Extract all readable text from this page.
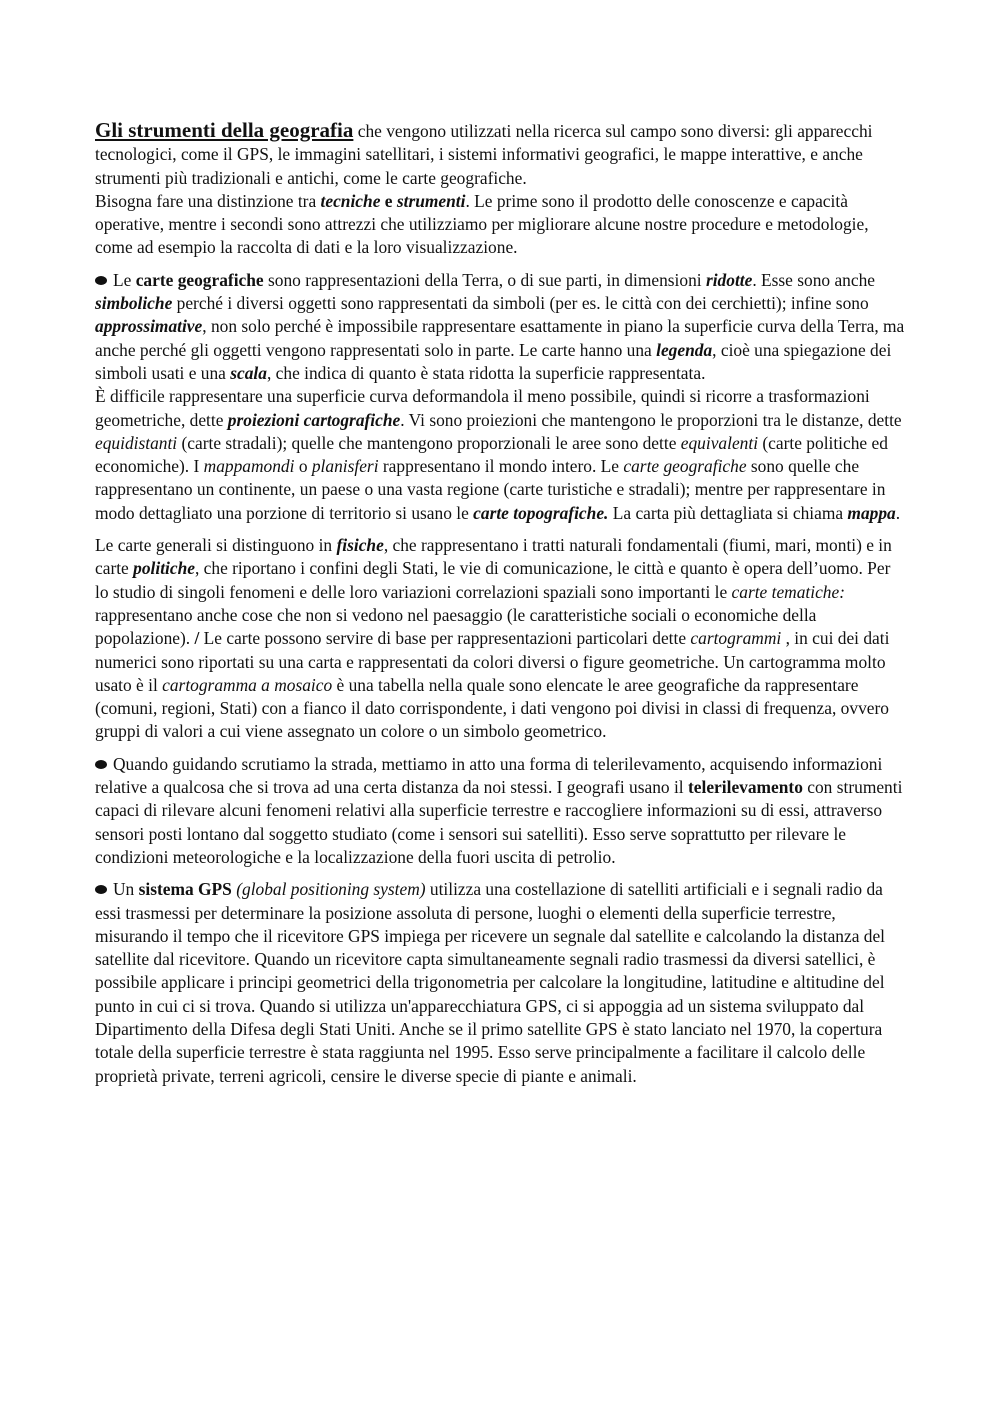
Gli strumenti della geografia che vengono utilizzati nella ricerca sul campo sono diversi: gli apparecchi tecnologici, come il GPS, le immagini satellitari, i sistemi informativi geografici, le mappe interattive, e anche strumenti più tradizionali e antichi, come le carte geografiche.

Bisogna fare una distinzione tra tecniche e strumenti. Le prime sono il prodotto delle conoscenze e capacità operative, mentre i secondi sono attrezzi che utilizziamo per migliorare alcune nostre procedure e metodologie, come ad esempio la raccolta di dati e la loro visualizzazione.

Le carte geografiche sono rappresentazioni della Terra, o di sue parti, in dimensioni ridotte. Esse sono anche simboliche perché i diversi oggetti sono rappresentati da simboli (per es. le città con dei cerchietti); infine sono approssimative, non solo perché è impossibile rappresentare esattamente in piano la superficie curva della Terra, ma anche perché gli oggetti vengono rappresentati solo in parte. Le carte hanno una legenda, cioè una spiegazione dei simboli usati e una scala, che indica di quanto è stata ridotta la superficie rappresentata.

È difficile rappresentare una superficie curva deformandola il meno possibile, quindi si ricorre a trasformazioni geometriche, dette proiezioni cartografiche. Vi sono proiezioni che mantengono le proporzioni tra le distanze, dette equidistanti (carte stradali); quelle che mantengono proporzionali le aree sono dette equivalenti (carte politiche ed economiche). I mappamondi o planisferi rappresentano il mondo intero. Le carte geografiche sono quelle che rappresentano un continente, un paese o una vasta regione (carte turistiche e stradali); mentre per rappresentare in modo dettagliato una porzione di territorio si usano le carte topografiche. La carta più dettagliata si chiama mappa.

Le carte generali si distinguono in fisiche, che rappresentano i tratti naturali fondamentali (fiumi, mari, monti) e in carte politiche, che riportano i confini degli Stati, le vie di comunicazione, le città e quanto è opera dell’uomo. Per lo studio di singoli fenomeni e delle loro variazioni correlazioni spaziali sono importanti le carte tematiche: rappresentano anche cose che non si vedono nel paesaggio (le caratteristiche sociali o economiche della popolazione). / Le carte possono servire di base per rappresentazioni particolari dette cartogrammi , in cui dei dati numerici sono riportati su una carta e rappresentati da colori diversi o figure geometriche. Un cartogramma molto usato è il cartogramma a mosaico è una tabella nella quale sono elencate le aree geografiche da rappresentare (comuni, regioni, Stati) con a fianco il dato corrispondente, i dati vengono poi divisi in classi di frequenza, ovvero gruppi di valori a cui viene assegnato un colore o un simbolo geometrico.

Quando guidando scrutiamo la strada, mettiamo in atto una forma di telerilevamento, acquisendo informazioni relative a qualcosa che si trova ad una certa distanza da noi stessi. I geografi usano il telerilevamento con strumenti capaci di rilevare alcuni fenomeni relativi alla superficie terrestre e raccogliere informazioni su di essi, attraverso sensori posti lontano dal soggetto studiato (come i sensori sui satelliti). Esso serve soprattutto per rilevare le condizioni meteorologiche e la localizzazione della fuori uscita di petrolio.

Un sistema GPS (global positioning system) utilizza una costellazione di satelliti artificiali e i segnali radio da essi trasmessi per determinare la posizione assoluta di persone, luoghi o elementi della superficie terrestre, misurando il tempo che il ricevitore GPS impiega per ricevere un segnale dal satellite e calcolando la distanza del satellite dal ricevitore. Quando un ricevitore capta simultaneamente segnali radio trasmessi da diversi satellici, è possibile applicare i principi geometrici della trigonometria per calcolare la longitudine, latitudine e altitudine del punto in cui ci si trova. Quando si utilizza un'apparecchiatura GPS, ci si appoggia ad un sistema sviluppato dal Dipartimento della Difesa degli Stati Uniti. Anche se il primo satellite GPS è stato lanciato nel 1970, la copertura totale della superficie terrestre è stata raggiunta nel 1995. Esso serve principalmente a facilitare il calcolo delle proprietà private, terreni agricoli, censire le diverse specie di piante e animali.
